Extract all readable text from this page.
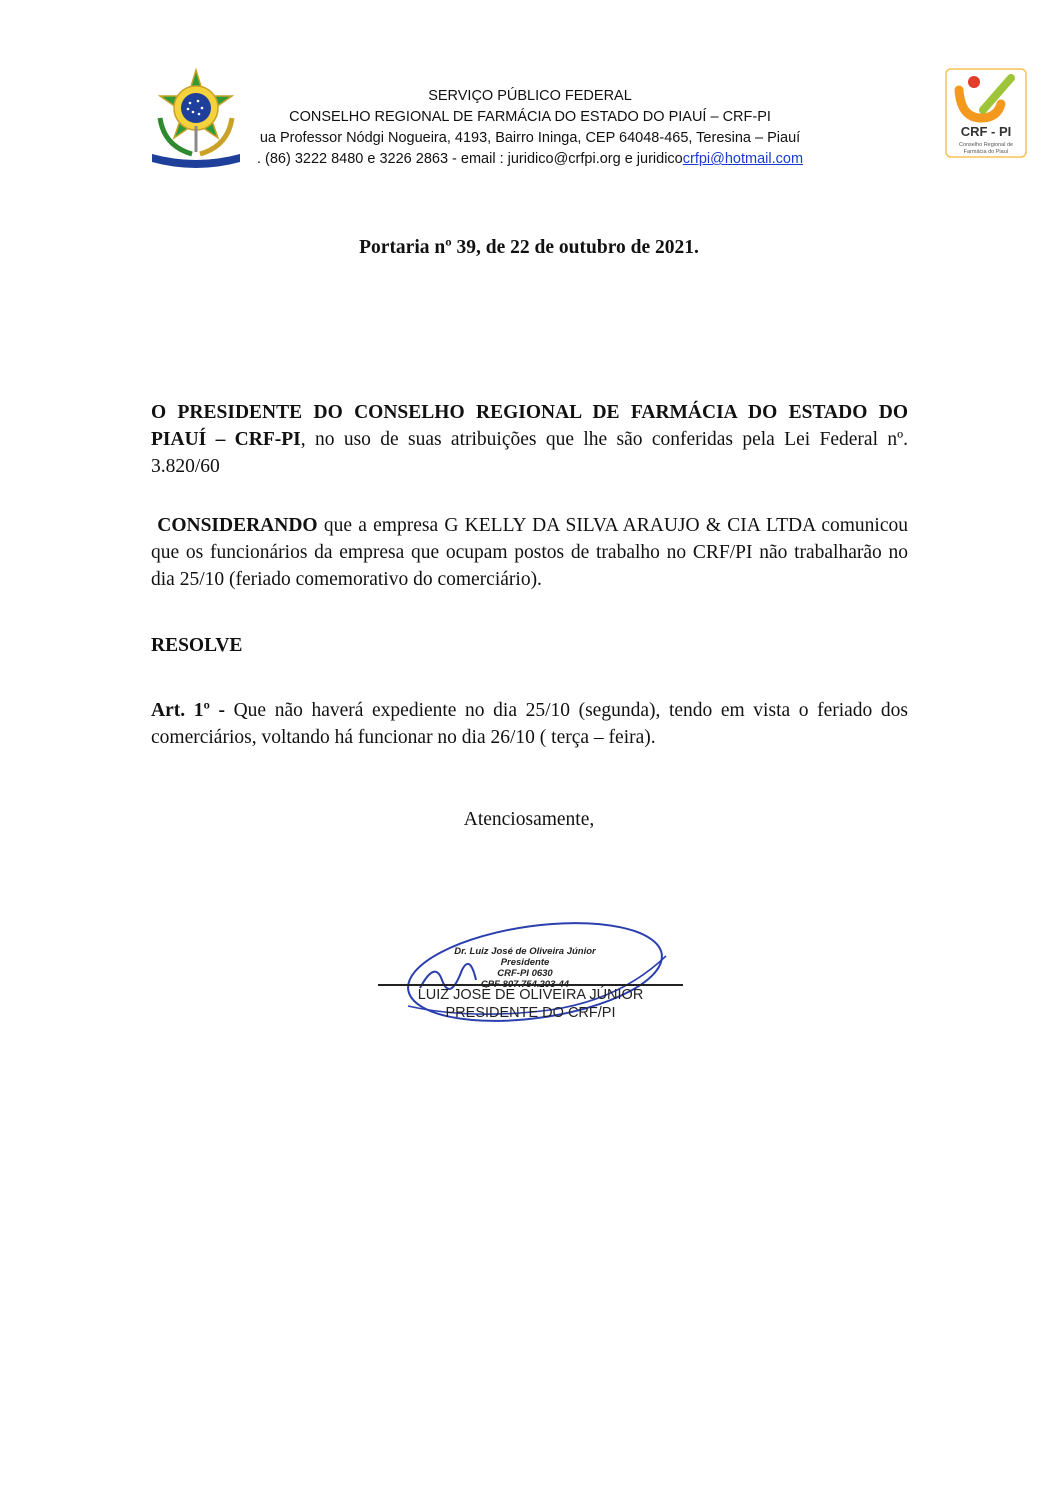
SERVIÇO PÚBLICO FEDERAL
CONSELHO REGIONAL DE FARMÁCIA DO ESTADO DO PIAUÍ – CRF-PI
ua Professor Nódgi Nogueira, 4193, Bairro Ininga, CEP 64048-465, Teresina – Piauí
. (86) 3222 8480 e 3226 2863 - email : juridico@crfpi.org e juridicocrfpi@hotmail.com
CRF - PI
Conselho Regional de
Farmácia do Piauí
Portaria nº 39, de 22 de outubro de 2021.
O PRESIDENTE DO CONSELHO REGIONAL DE FARMÁCIA DO ESTADO DO PIAUÍ – CRF-PI, no uso de suas atribuições que lhe são conferidas pela Lei Federal nº. 3.820/60
CONSIDERANDO que a empresa G KELLY DA SILVA ARAUJO & CIA LTDA comunicou que os funcionários da empresa que ocupam postos de trabalho no CRF/PI não trabalharão no dia 25/10 (feriado comemorativo do comerciário).
RESOLVE
Art. 1º - Que não haverá expediente no dia 25/10 (segunda), tendo em vista o feriado dos comerciários, voltando há funcionar no dia 26/10 ( terça – feira).
Atenciosamente,
Dr. Luiz José de Oliveira Júnior
Presidente
CRF-PI 0630
LUIZ JOSÉ DE OLIVEIRA JÚNIOR
PRESIDENTE DO CRF/PI
